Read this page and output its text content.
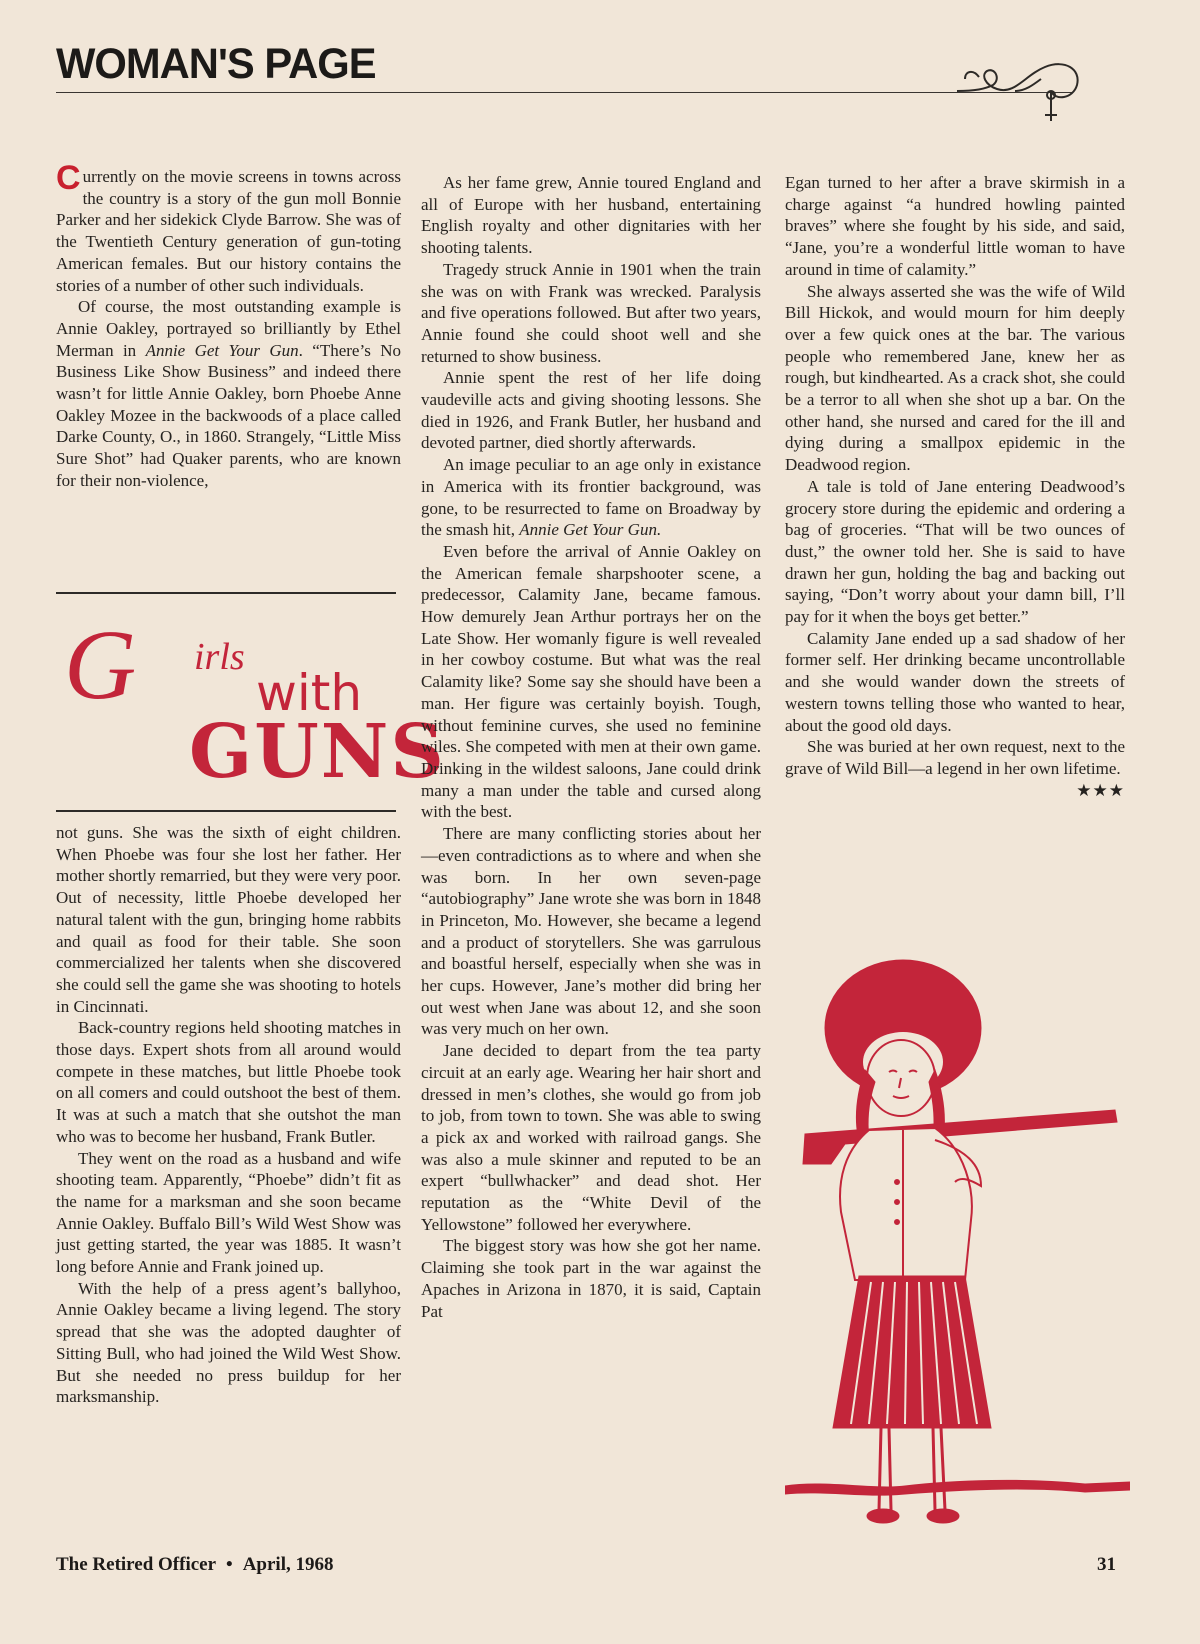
WOMAN'S PAGE

Currently on the movie screens in towns across the country is a story of the gun moll Bonnie Parker and her sidekick Clyde Barrow. She was of the Twentieth Century generation of gun-toting American females. But our history contains the stories of a number of other such individuals.

Of course, the most outstanding example is Annie Oakley, portrayed so brilliantly by Ethel Merman in Annie Get Your Gun. “There’s No Business Like Show Business” and indeed there wasn’t for little Annie Oakley, born Phoebe Anne Oakley Mozee in the backwoods of a place called Darke County, O., in 1860. Strangely, “Little Miss Sure Shot” had Quaker parents, who are known for their non-violence,

G irls
with
GUNS

not guns. She was the sixth of eight children. When Phoebe was four she lost her father. Her mother shortly remarried, but they were very poor. Out of necessity, little Phoebe developed her natural talent with the gun, bringing home rabbits and quail as food for their table. She soon commercialized her talents when she discovered she could sell the game she was shooting to hotels in Cincinnati.

Back-country regions held shooting matches in those days. Expert shots from all around would compete in these matches, but little Phoebe took on all comers and could outshoot the best of them. It was at such a match that she outshot the man who was to become her husband, Frank Butler.

They went on the road as a husband and wife shooting team. Apparently, “Phoebe” didn’t fit as the name for a marksman and she soon became Annie Oakley. Buffalo Bill’s Wild West Show was just getting started, the year was 1885. It wasn’t long before Annie and Frank joined up.

With the help of a press agent’s ballyhoo, Annie Oakley became a living legend. The story spread that she was the adopted daughter of Sitting Bull, who had joined the Wild West Show. But she needed no press buildup for her marksmanship.

As her fame grew, Annie toured England and all of Europe with her husband, entertaining English royalty and other dignitaries with her shooting talents.

Tragedy struck Annie in 1901 when the train she was on with Frank was wrecked. Paralysis and five operations followed. But after two years, Annie found she could shoot well and she returned to show business.

Annie spent the rest of her life doing vaudeville acts and giving shooting lessons. She died in 1926, and Frank Butler, her husband and devoted partner, died shortly afterwards.

An image peculiar to an age only in existance in America with its frontier background, was gone, to be resurrected to fame on Broadway by the smash hit, Annie Get Your Gun.

Even before the arrival of Annie Oakley on the American female sharpshooter scene, a predecessor, Calamity Jane, became famous. How demurely Jean Arthur portrays her on the Late Show. Her womanly figure is well revealed in her cowboy costume. But what was the real Calamity like? Some say she should have been a man. Her figure was certainly boyish. Tough, without feminine curves, she used no feminine wiles. She competed with men at their own game. Drinking in the wildest saloons, Jane could drink many a man under the table and cursed along with the best.

There are many conflicting stories about her—even contradictions as to where and when she was born. In her own seven-page “autobiography” Jane wrote she was born in 1848 in Princeton, Mo. However, she became a legend and a product of storytellers. She was garrulous and boastful herself, especially when she was in her cups. However, Jane’s mother did bring her out west when Jane was about 12, and she soon was very much on her own.

Jane decided to depart from the tea party circuit at an early age. Wearing her hair short and dressed in men’s clothes, she would go from job to job, from town to town. She was able to swing a pick ax and worked with railroad gangs. She was also a mule skinner and reputed to be an expert “bullwhacker” and dead shot. Her reputation as the “White Devil of the Yellowstone” followed her everywhere.

The biggest story was how she got her name. Claiming she took part in the war against the Apaches in Arizona in 1870, it is said, Captain Pat

Egan turned to her after a brave skirmish in a charge against “a hundred howling painted braves” where she fought by his side, and said, “Jane, you’re a wonderful little woman to have around in time of calamity.”

She always asserted she was the wife of Wild Bill Hickok, and would mourn for him deeply over a few quick ones at the bar. The various people who remembered Jane, knew her as rough, but kindhearted. As a crack shot, she could be a terror to all when she shot up a bar. On the other hand, she nursed and cared for the ill and dying during a smallpox epidemic in the Deadwood region.

A tale is told of Jane entering Deadwood’s grocery store during the epidemic and ordering a bag of groceries. “That will be two ounces of dust,” the owner told her. She is said to have drawn her gun, holding the bag and backing out saying, “Don’t worry about your damn bill, I’ll pay for it when the boys get better.”

Calamity Jane ended up a sad shadow of her former self. Her drinking became uncontrollable and she would wander down the streets of western towns telling those who wanted to hear, about the good old days.

She was buried at her own request, next to the grave of Wild Bill—a legend in her own lifetime.
★★★

The Retired Officer • April, 1968	31
